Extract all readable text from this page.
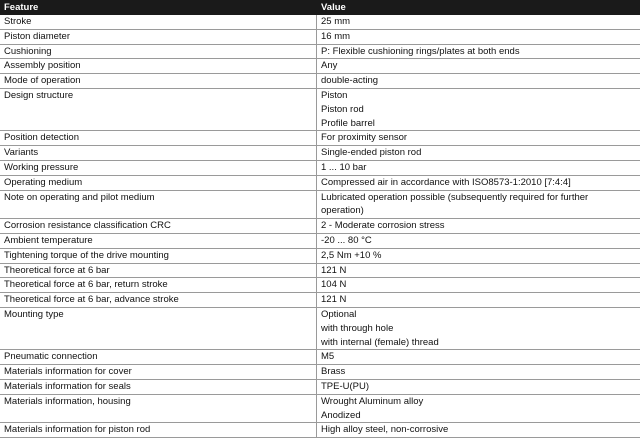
Feature	Value
Stroke	25 mm
Piston diameter	16 mm
Cushioning	P: Flexible cushioning rings/plates at both ends
Assembly position	Any
Mode of operation	double-acting
Design structure	Piston
Piston rod
Profile barrel
Position detection	For proximity sensor
Variants	Single-ended piston rod
Working pressure	1 ... 10 bar
Operating medium	Compressed air in accordance with ISO8573-1:2010 [7:4:4]
Note on operating and pilot medium	Lubricated operation possible (subsequently required for further
operation)
Corrosion resistance classification CRC	2 - Moderate corrosion stress
Ambient temperature	-20 ... 80 °C
Tightening torque of the drive mounting	2,5 Nm +10 %
Theoretical force at 6 bar	121 N
Theoretical force at 6 bar, return stroke	104 N
Theoretical force at 6 bar, advance stroke	121 N
Mounting type	Optional
with through hole
with internal (female) thread
Pneumatic connection	M5
Materials information for cover	Brass
Materials information for seals	TPE-U(PU)
Materials information, housing	Wrought Aluminum alloy
Anodized
Materials information for piston rod	High alloy steel, non-corrosive
